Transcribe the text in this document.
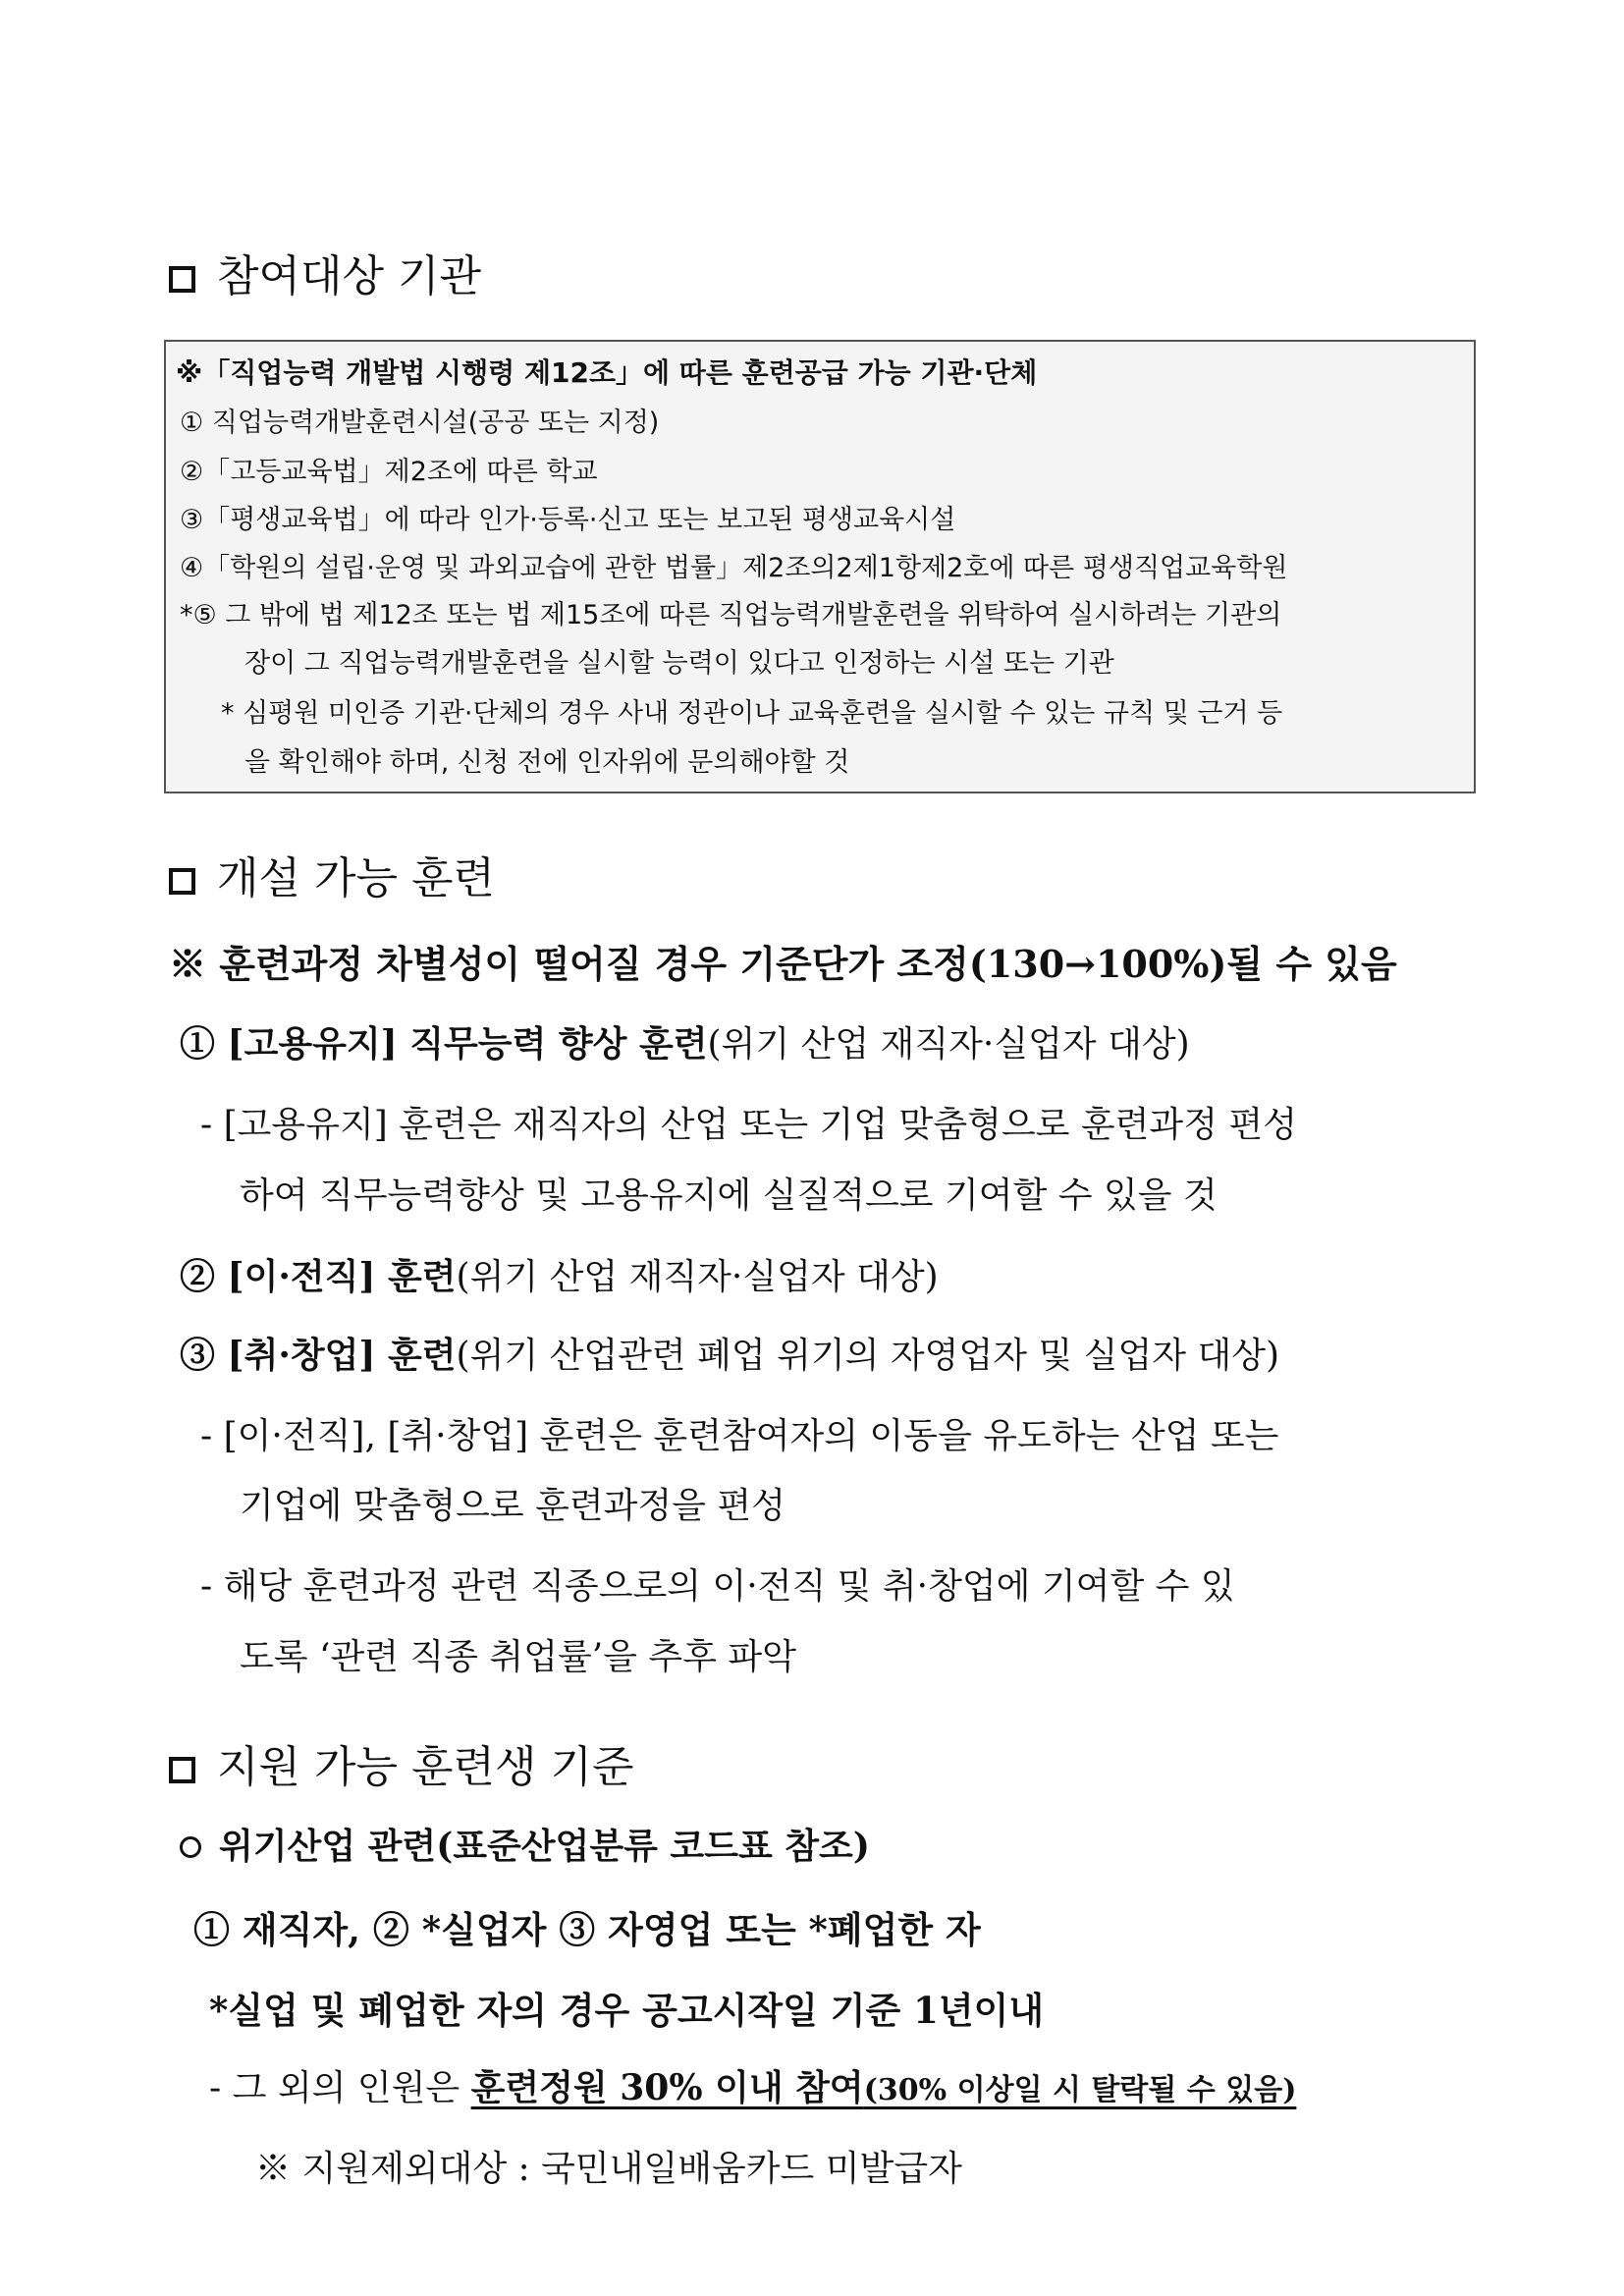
참여대상 기관
※「직업능력 개발법 시행령 제12조」에 따른 훈련공급 가능 기관·단체
① 직업능력개발훈련시설(공공 또는 지정)
②「고등교육법」제2조에 따른 학교
③「평생교육법」에 따라 인가·등록·신고 또는 보고된 평생교육시설
④「학원의 설립·운영 및 과외교습에 관한 법률」제2조의2제1항제2호에 따른 평생직업교육학원
*⑤ 그 밖에 법 제12조 또는 법 제15조에 따른 직업능력개발훈련을 위탁하여 실시하려는 기관의
장이 그 직업능력개발훈련을 실시할 능력이 있다고 인정하는 시설 또는 기관
* 심평원 미인증 기관·단체의 경우 사내 정관이나 교육훈련을 실시할 수 있는 규칙 및 근거 등
을 확인해야 하며, 신청 전에 인자위에 문의해야할 것
개설 가능 훈련
※ 훈련과정 차별성이 떨어질 경우 기준단가 조정(130→100%)될 수 있음
① [고용유지] 직무능력 향상 훈련(위기 산업 재직자·실업자 대상)
- [고용유지] 훈련은 재직자의 산업 또는 기업 맞춤형으로 훈련과정 편성
하여 직무능력향상 및 고용유지에 실질적으로 기여할 수 있을 것
② [이·전직] 훈련(위기 산업 재직자·실업자 대상)
③ [취·창업] 훈련(위기 산업관련 폐업 위기의 자영업자 및 실업자 대상)
- [이·전직], [취·창업] 훈련은 훈련참여자의 이동을 유도하는 산업 또는
기업에 맞춤형으로 훈련과정을 편성
- 해당 훈련과정 관련 직종으로의 이·전직 및 취·창업에 기여할 수 있
도록 ‘관련 직종 취업률’을 추후 파악
지원 가능 훈련생 기준
위기산업 관련(표준산업분류 코드표 참조)
① 재직자, ② *실업자 ③ 자영업 또는 *폐업한 자
*실업 및 폐업한 자의 경우 공고시작일 기준 1년이내
- 그 외의 인원은 훈련정원 30% 이내 참여(30% 이상일 시 탈락될 수 있음)
※ 지원제외대상 : 국민내일배움카드 미발급자
